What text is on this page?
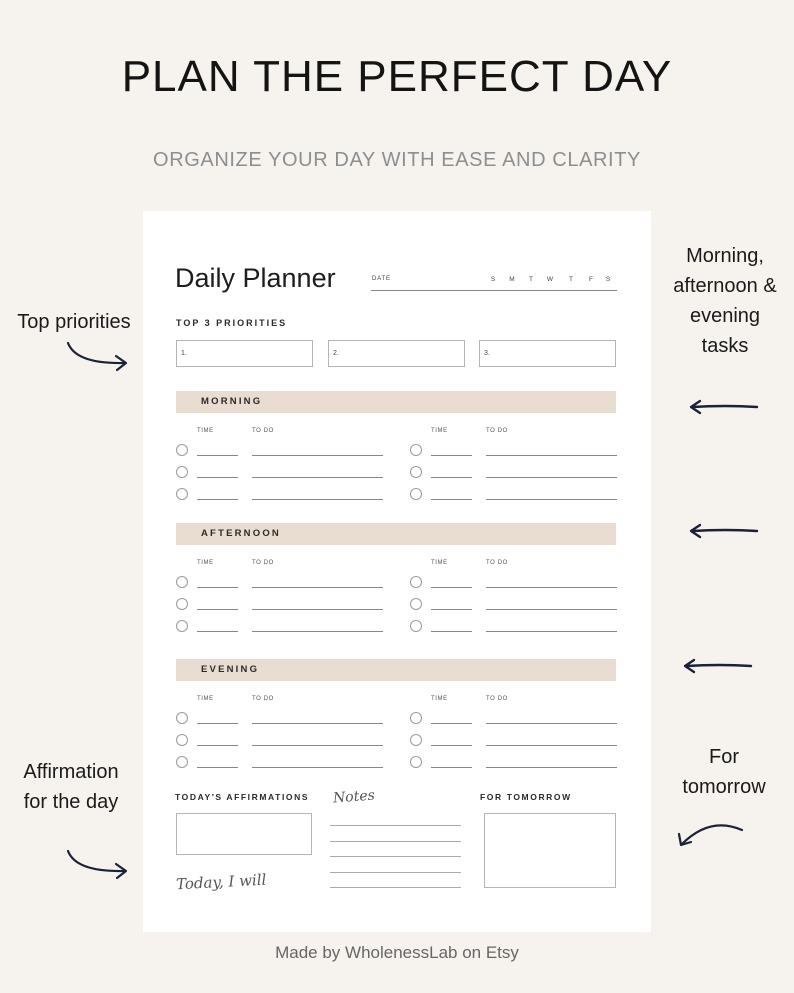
PLAN THE PERFECT DAY
ORGANIZE YOUR DAY WITH EASE AND CLARITY
Top priorities
Affirmation
for the day
Morning,
afternoon &
evening
tasks
For
tomorrow
Daily Planner	DATE	S	M	T	W	T	F	S
TOP 3 PRIORITIES
1.	2.	3.
MORNING
TIME	TO DO	TIME	TO DO
AFTERNOON
TIME	TO DO	TIME	TO DO
EVENING
TIME	TO DO	TIME	TO DO
TODAY'S AFFIRMATIONS
Today, I will
Notes	FOR TOMORROW
Made by WholenessLab on Etsy
